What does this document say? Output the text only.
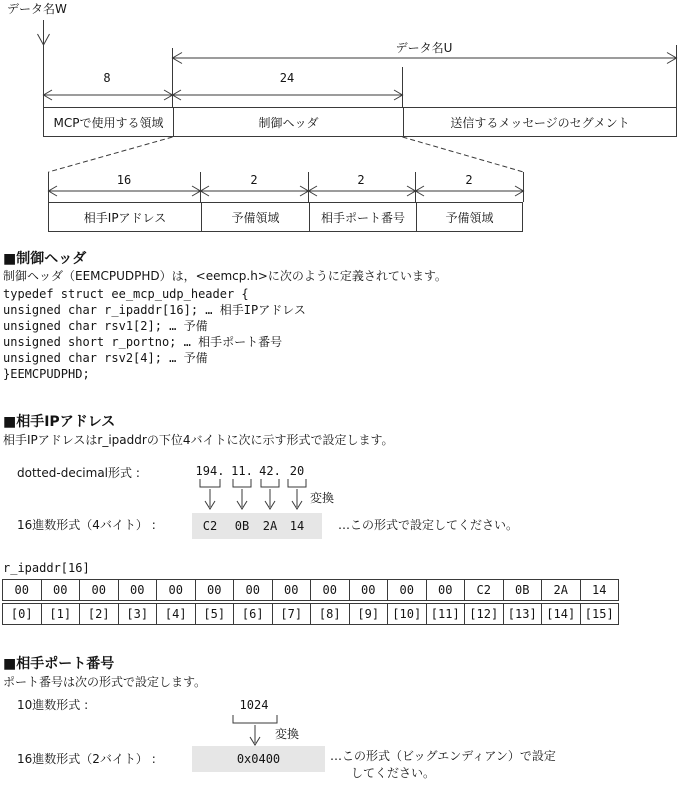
データ名W
データ名U
8	24
MCPで使用する領域	制御ヘッダ	送信するメッセージのセグメント
16	2	2	2
相手IPアドレス	予備領域	相手ポート番号	予備領域
■制御ヘッダ
制御ヘッダ（EEMCPUDPHD）は，<eemcp.h>に次のように定義されています。
typedef struct ee_mcp_udp_header {
unsigned char r_ipaddr[16]; … 相手IPアドレス
unsigned char rsv1[2]; … 予備
unsigned short r_portno; … 相手ポート番号
unsigned char rsv2[4]; … 予備
}EEMCPUDPHD;
■相手IPアドレス
相手IPアドレスはr_ipaddrの下位4バイトに次に示す形式で設定します。
dotted-decimal形式 :	194. 11. 42. 20
変換
16進数形式（4バイト） :	C2 0B 2A 14	…この形式で設定してください。
r_ipaddr[16]
00	00	00	00	00	00	00	00	00	00	00	00	C2	0B	2A	14
[0]	[1]	[2]	[3]	[4]	[5]	[6]	[7]	[8]	[9]	[10]	[11]	[12]	[13]	[14]	[15]
■相手ポート番号
ポート番号は次の形式で設定します。
10進数形式 :	1024
変換
16進数形式（2バイト） :	0x0400	…この形式（ビッグエンディアン）で設定
してください。
